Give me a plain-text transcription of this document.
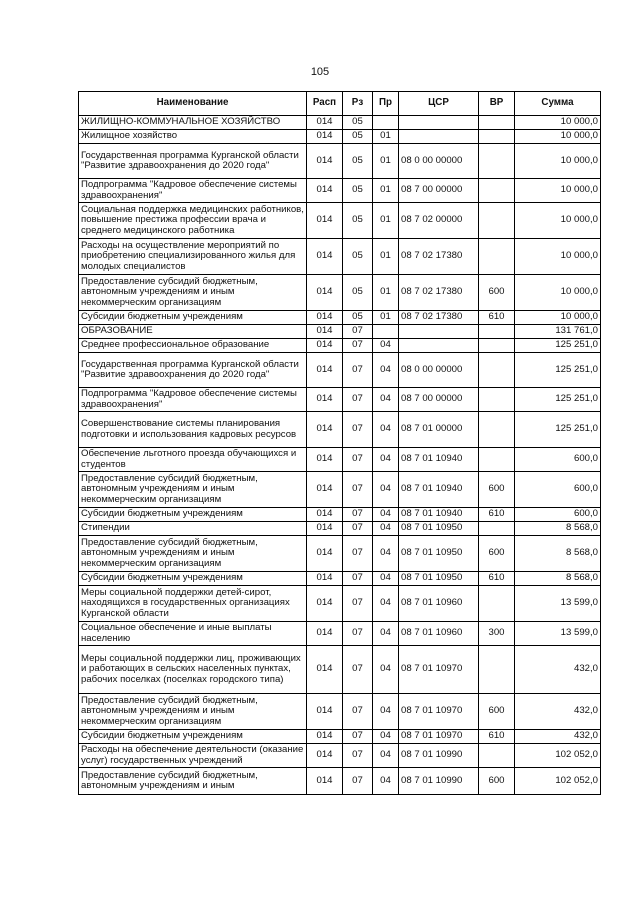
105
Наименование	Расп	Рз	Пр	ЦСР	ВР	Сумма
ЖИЛИЩНО-КОММУНАЛЬНОЕ ХОЗЯЙСТВО	014	05				10 000,0
Жилищное хозяйство	014	05	01			10 000,0
Государственная программа Курганской области "Развитие здравоохранения до 2020 года"	014	05	01	08 0 00 00000		10 000,0
Подпрограмма "Кадровое обеспечение системы здравоохранения"	014	05	01	08 7 00 00000		10 000,0
Социальная поддержка медицинских работников, повышение престижа профессии врача и среднего медицинского работника	014	05	01	08 7 02 00000		10 000,0
Расходы на осуществление мероприятий по приобретению специализированного жилья для молодых специалистов	014	05	01	08 7 02 17380		10 000,0
Предоставление субсидий бюджетным, автономным учреждениям и иным некоммерческим организациям	014	05	01	08 7 02 17380	600	10 000,0
Субсидии бюджетным учреждениям	014	05	01	08 7 02 17380	610	10 000,0
ОБРАЗОВАНИЕ	014	07				131 761,0
Среднее профессиональное образование	014	07	04			125 251,0
Государственная программа Курганской области "Развитие здравоохранения до 2020 года"	014	07	04	08 0 00 00000		125 251,0
Подпрограмма "Кадровое обеспечение системы здравоохранения"	014	07	04	08 7 00 00000		125 251,0
Совершенствование системы планирования подготовки и использования кадровых ресурсов	014	07	04	08 7 01 00000		125 251,0
Обеспечение льготного проезда обучающихся и студентов	014	07	04	08 7 01 10940		600,0
Предоставление субсидий бюджетным, автономным учреждениям и иным некоммерческим организациям	014	07	04	08 7 01 10940	600	600,0
Субсидии бюджетным учреждениям	014	07	04	08 7 01 10940	610	600,0
Стипендии	014	07	04	08 7 01 10950		8 568,0
Предоставление субсидий бюджетным, автономным учреждениям и иным некоммерческим организациям	014	07	04	08 7 01 10950	600	8 568,0
Субсидии бюджетным учреждениям	014	07	04	08 7 01 10950	610	8 568,0
Меры социальной поддержки детей-сирот, находящихся в государственных организациях Курганской области	014	07	04	08 7 01 10960		13 599,0
Социальное обеспечение и иные выплаты населению	014	07	04	08 7 01 10960	300	13 599,0
Меры социальной поддержки лиц, проживающих и работающих в сельских населенных пунктах, рабочих поселках (поселках городского типа)	014	07	04	08 7 01 10970		432,0
Предоставление субсидий бюджетным, автономным учреждениям и иным некоммерческим организациям	014	07	04	08 7 01 10970	600	432,0
Субсидии бюджетным учреждениям	014	07	04	08 7 01 10970	610	432,0
Расходы на обеспечение деятельности (оказание услуг) государственных учреждений	014	07	04	08 7 01 10990		102 052,0
Предоставление субсидий бюджетным, автономным учреждениям и иным	014	07	04	08 7 01 10990	600	102 052,0
